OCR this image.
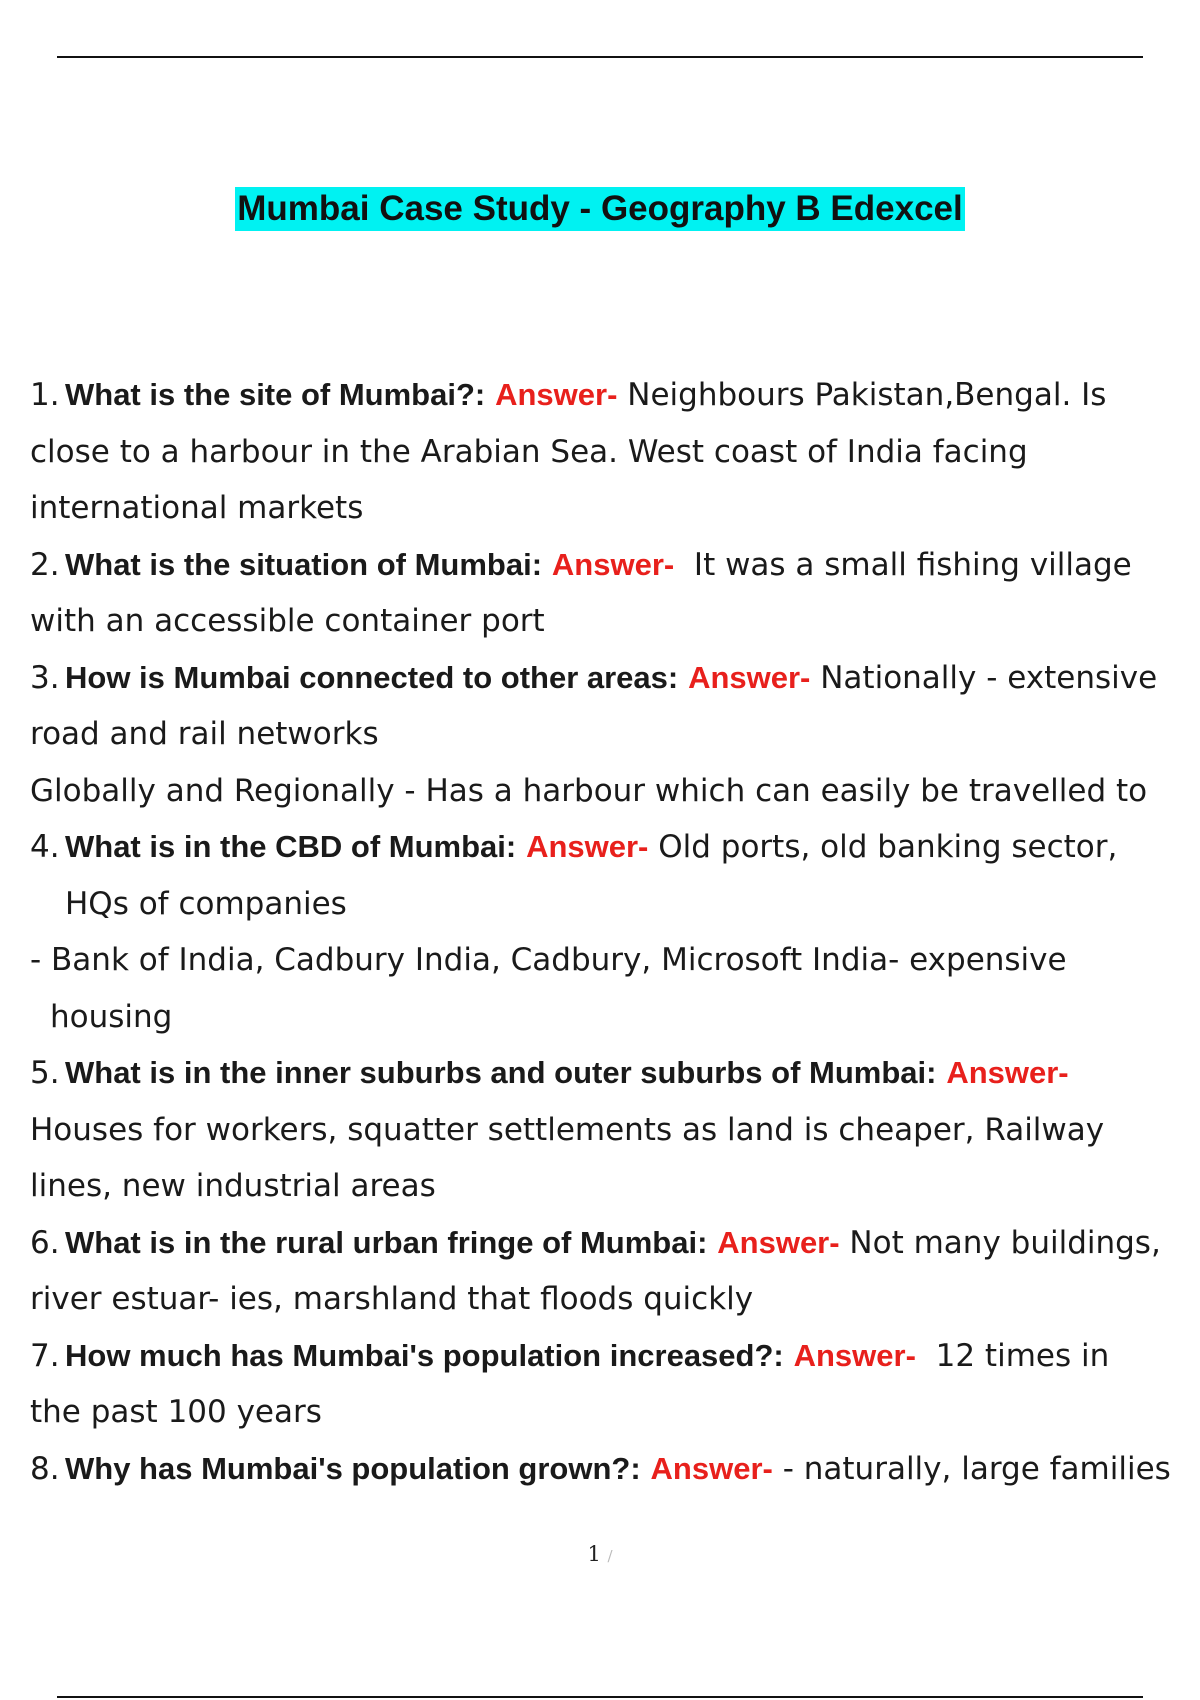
Mumbai Case Study - Geography B Edexcel
1. What is the site of Mumbai?: Answer- Neighbours Pakistan,Bengal. Is
close to a harbour in the Arabian Sea. West coast of India facing
international markets
2. What is the situation of Mumbai: Answer-  It was a small fishing village
with an accessible container port
3. How is Mumbai connected to other areas: Answer- Nationally - extensive
road and rail networks
Globally and Regionally - Has a harbour which can easily be travelled to
4. What is in the CBD of Mumbai: Answer- Old ports, old banking sector,
HQs of companies
- Bank of India, Cadbury India, Cadbury, Microsoft India- expensive
housing
5. What is in the inner suburbs and outer suburbs of Mumbai: Answer-
Houses for workers, squatter settlements as land is cheaper, Railway
lines, new industrial areas
6. What is in the rural urban fringe of Mumbai: Answer- Not many buildings,
river estuar- ies, marshland that floods quickly
7. How much has Mumbai's population increased?: Answer-  12 times in
the past 100 years
8. Why has Mumbai's population grown?: Answer- - naturally, large families
1 /
